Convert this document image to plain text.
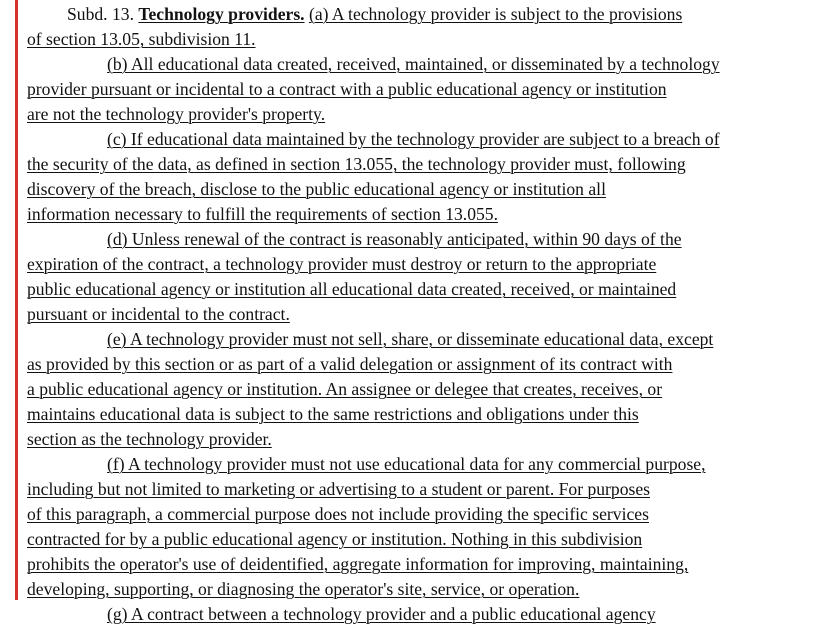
Subd. 13. Technology providers. (a) A technology provider is subject to the provisions
of section 13.05, subdivision 11.
(b) All educational data created, received, maintained, or disseminated by a technology
provider pursuant or incidental to a contract with a public educational agency or institution
are not the technology provider's property.
(c) If educational data maintained by the technology provider are subject to a breach of
the security of the data, as defined in section 13.055, the technology provider must, following
discovery of the breach, disclose to the public educational agency or institution all
information necessary to fulfill the requirements of section 13.055.
(d) Unless renewal of the contract is reasonably anticipated, within 90 days of the
expiration of the contract, a technology provider must destroy or return to the appropriate
public educational agency or institution all educational data created, received, or maintained
pursuant or incidental to the contract.
(e) A technology provider must not sell, share, or disseminate educational data, except
as provided by this section or as part of a valid delegation or assignment of its contract with
a public educational agency or institution. An assignee or delegee that creates, receives, or
maintains educational data is subject to the same restrictions and obligations under this
section as the technology provider.
(f) A technology provider must not use educational data for any commercial purpose,
including but not limited to marketing or advertising to a student or parent. For purposes
of this paragraph, a commercial purpose does not include providing the specific services
contracted for by a public educational agency or institution. Nothing in this subdivision
prohibits the operator's use of deidentified, aggregate information for improving, maintaining,
developing, supporting, or diagnosing the operator's site, service, or operation.
(g) A contract between a technology provider and a public educational agency
